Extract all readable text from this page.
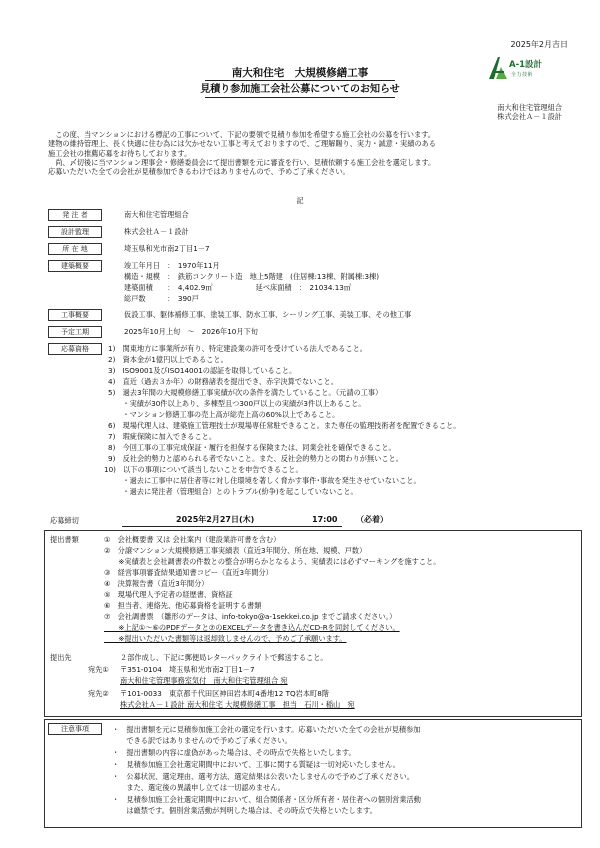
2025年2月吉日
A-1設計
全力技術
南大和住宅　大規模修繕工事
見積り参加施工会社公募についてのお知らせ
南大和住宅管理組合
株式会社Ａ－１設計

この度、当マンションにおける標記の工事について、下記の要領で見積り参加を希望する施工会社の公募を行います。

建物の維持管理上、長く快適に住む為には欠かせない工事と考えておりますので、ご理解賜り、実力・誠意・実績のある

施工会社の推薦応募をお待ちしております。

尚、〆切後に当マンション理事会・修繕委員会にて提出書類を元に審査を行い、見積依頼する施工会社を選定します。

応募いただいた全ての会社が見積参加できるわけではありませんので、予めご了承ください。

記
発 注 者	南大和住宅管理組合
設計監理	株式会社Ａ－１設計
所 在 地	埼玉県和光市南2丁目1－7
建築概要	竣工年月日　：　1970年11月
構造・規模　：　鉄筋コンクリート造　地上5階建　(住居棟:13棟、附属棟:3棟)
建築面積　　：　4,402.9㎡　　　　　　延べ床面積　：　21034.13㎡
総戸数　　　：　390戸
工事概要	仮設工事、躯体補修工事、塗装工事、防水工事、シーリング工事、美装工事、その他工事
予定工期	2025年10月上旬　～　2026年10月下旬
応募資格	1)　関東地方に事業所が有り、特定建設業の許可を受けている法人であること。
2)　資本金が1億円以上であること。
3)　ISO9001及びISO14001の認証を取得していること。
4)　直近（過去３か年）の財務諸表を提出でき、赤字決算でないこと。
5)　過去3年間の大規模修繕工事実績が次の条件を満たしていること。（元請の工事）
　　・実績が30件以上あり、多棟型且つ300戸以上の実績が3件以上あること。
　　・マンション修繕工事の売上高が総売上高の60%以上であること。
6)　現場代理人は、建築施工管理技士が現場専任常駐できること。また専任の監理技術者を配置できること。
7)　瑕疵保険に加入できること。
8)　今回工事の工事完成保証・履行を担保する保険または、同業会社を確保できること。
9)　反社会的勢力と認められる者でないこと。また、反社会的勢力との関わりが無いこと。
10)　以下の事項について該当しないことを申告できること。
　　・過去に工事中に居住者等に対し住環境を著しく脅かす事件･事故を発生させていないこと。
　　・過去に発注者（管理組合）とのトラブル(紛争)を起こしていないこと。
応募締切	2025年2月27日(木)	17:00 （必着）
提出書類	①　会社概要書 又は 会社案内（建設業許可書を含む）
②　分譲マンション大規模修繕工事実績表（直近3年間分、所在地、規模、戸数）
　　※実績表と会社調書表の件数との整合が明らかとなるよう、実績表には必ずマーキングを施すこと。
③　経営事項審査結果通知書コピー（直近3年間分）
④　決算報告書（直近3年間分）
⑤　現場代理人予定者の経歴書、資格証
⑥　担当者、連絡先、他応募資格を証明する書類
⑦　会社調書票　（雛形のデータは、info-tokyo@a-1sekkei.co.jp までご請求ください。）
　　※上記①～⑥のPDFデータと⑦のEXCELデータを書き込んだCD-Rを同封してください。
　　※提出いただいた書類等は返却致しませんので、予めご了承願います。
提出先	２部作成し、下記に郵便局レターパックライトで郵送すること。
宛先① 〒351-0104　埼玉県和光市南2丁目1－7
南大和住宅管理事務室気付　南大和住宅管理組合 宛
宛先② 〒101-0033　東京都千代田区神田岩本町4番地12 TQ岩本町8階
株式会社Ａ－１設計 南大和住宅 大規模修繕工事　担当　石川・稲山　宛
注意事項	・　提出書類を元に見積参加施工会社の選定を行います。応募いただいた全ての会社が見積参加
　　できる訳ではありませんので予めご了承ください。
・　提出書類の内容に虚偽があった場合は、その時点で失格といたします。
・　見積参加施工会社選定期間中において、工事に関する質疑は一切対応いたしません。
・　公募状況、選定理由、選考方法、選定結果は公表いたしませんので予めご了承ください。
　　また、選定後の異議申し立ては一切認めません。
・　見積参加施工会社選定期間中において、組合関係者・区分所有者・居住者への個別営業活動
　　は厳禁です。個別営業活動が判明した場合は、その時点で失格といたします。
